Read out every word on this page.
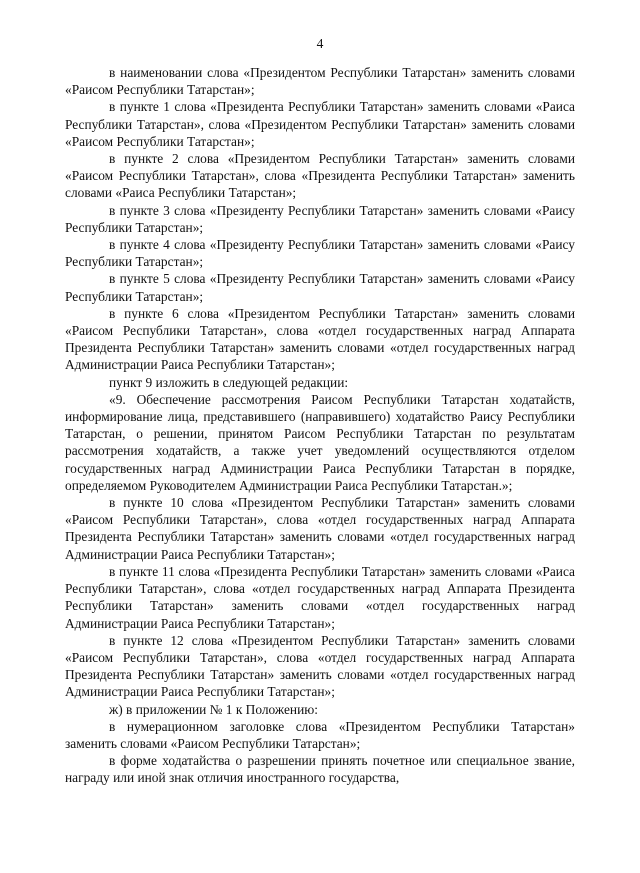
4

в наименовании слова «Президентом Республики Татарстан» заменить словами «Раисом Республики Татарстан»;

в пункте 1 слова «Президента Республики Татарстан» заменить словами «Раиса Республики Татарстан», слова «Президентом Республики Татарстан» заменить словами «Раисом Республики Татарстан»;

в пункте 2 слова «Президентом Республики Татарстан» заменить словами «Раисом Республики Татарстан», слова «Президента Республики Татарстан» заменить словами «Раиса Республики Татарстан»;

в пункте 3 слова «Президенту Республики Татарстан» заменить словами «Раису Республики Татарстан»;

в пункте 4 слова «Президенту Республики Татарстан» заменить словами «Раису Республики Татарстан»;

в пункте 5 слова «Президенту Республики Татарстан» заменить словами «Раису Республики Татарстан»;

в пункте 6 слова «Президентом Республики Татарстан» заменить словами «Раисом Республики Татарстан», слова «отдел государственных наград Аппарата Президента Республики Татарстан» заменить словами «отдел государственных наград Администрации Раиса Республики Татарстан»;

пункт 9 изложить в следующей редакции:

«9. Обеспечение рассмотрения Раисом Республики Татарстан ходатайств, информирование лица, представившего (направившего) ходатайство Раису Республики Татарстан, о решении, принятом Раисом Республики Татарстан по результатам рассмотрения ходатайств, а также учет уведомлений осуществляются отделом государственных наград Администрации Раиса Республики Татарстан в порядке, определяемом Руководителем Администрации Раиса Республики Татарстан.»;

в пункте 10 слова «Президентом Республики Татарстан» заменить словами «Раисом Республики Татарстан», слова «отдел государственных наград Аппарата Президента Республики Татарстан» заменить словами «отдел государственных наград Администрации Раиса Республики Татарстан»;

в пункте 11 слова «Президента Республики Татарстан» заменить словами «Раиса Республики Татарстан», слова «отдел государственных наград Аппарата Президента Республики Татарстан» заменить словами «отдел государственных наград Администрации Раиса Республики Татарстан»;

в пункте 12 слова «Президентом Республики Татарстан» заменить словами «Раисом Республики Татарстан», слова «отдел государственных наград Аппарата Президента Республики Татарстан» заменить словами «отдел государственных наград Администрации Раиса Республики Татарстан»;

ж) в приложении № 1 к Положению:

в нумерационном заголовке слова «Президентом Республики Татарстан» заменить словами «Раисом Республики Татарстан»;

в форме ходатайства о разрешении принять почетное или специальное звание, награду или иной знак отличия иностранного государства,
